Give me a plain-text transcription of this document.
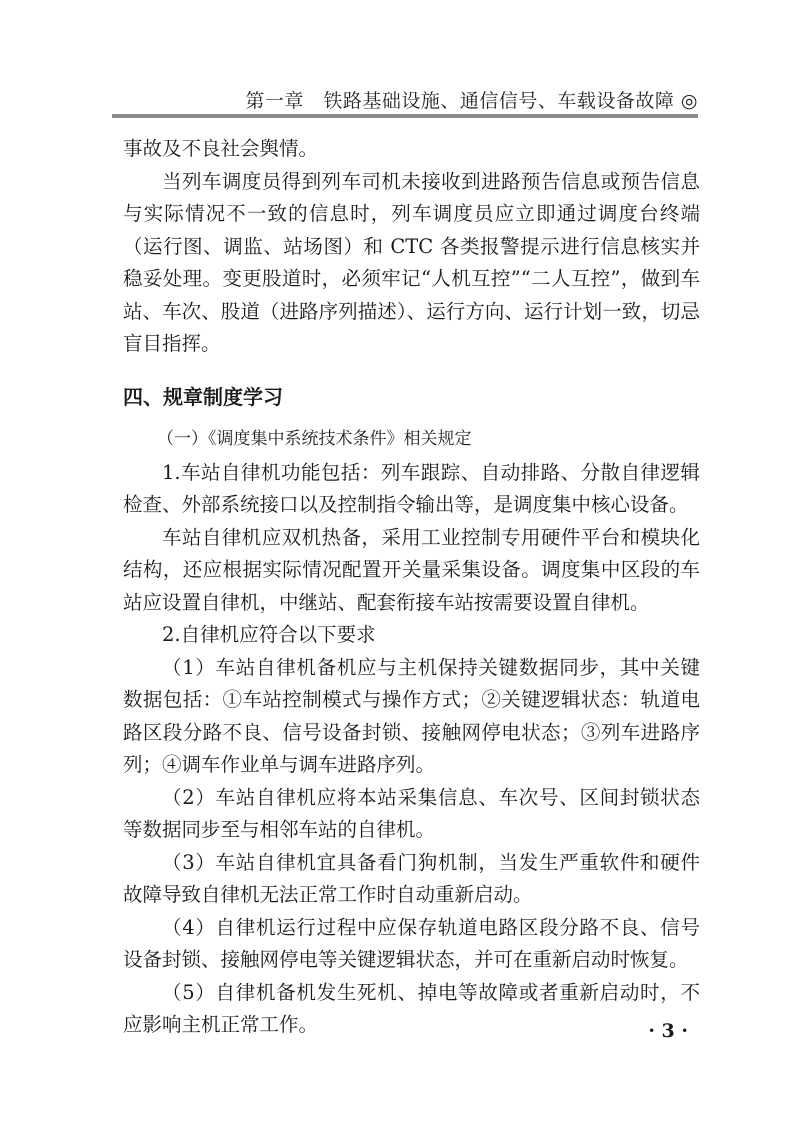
第一章　铁路基础设施、通信信号、车载设备故障 ◎

事故及不良社会舆情。

当列车调度员得到列车司机未接收到进路预告信息或预告信息与实际情况不一致的信息时，列车调度员应立即通过调度台终端（运行图、调监、站场图）和 CTC 各类报警提示进行信息核实并稳妥处理。变更股道时，必须牢记“人机互控”“二人互控”，做到车站、车次、股道（进路序列描述）、运行方向、运行计划一致，切忌盲目指挥。

四、规章制度学习
（一）《调度集中系统技术条件》相关规定

1.车站自律机功能包括：列车跟踪、自动排路、分散自律逻辑检查、外部系统接口以及控制指令输出等，是调度集中核心设备。

车站自律机应双机热备，采用工业控制专用硬件平台和模块化结构，还应根据实际情况配置开关量采集设备。调度集中区段的车站应设置自律机，中继站、配套衔接车站按需要设置自律机。

2.自律机应符合以下要求

（1）车站自律机备机应与主机保持关键数据同步，其中关键数据包括：①车站控制模式与操作方式；②关键逻辑状态：轨道电路区段分路不良、信号设备封锁、接触网停电状态；③列车进路序列；④调车作业单与调车进路序列。

（2）车站自律机应将本站采集信息、车次号、区间封锁状态等数据同步至与相邻车站的自律机。

（3）车站自律机宜具备看门狗机制，当发生严重软件和硬件故障导致自律机无法正常工作时自动重新启动。

（4）自律机运行过程中应保存轨道电路区段分路不良、信号设备封锁、接触网停电等关键逻辑状态，并可在重新启动时恢复。

（5）自律机备机发生死机、掉电等故障或者重新启动时，不应影响主机正常工作。	· 3 ·
